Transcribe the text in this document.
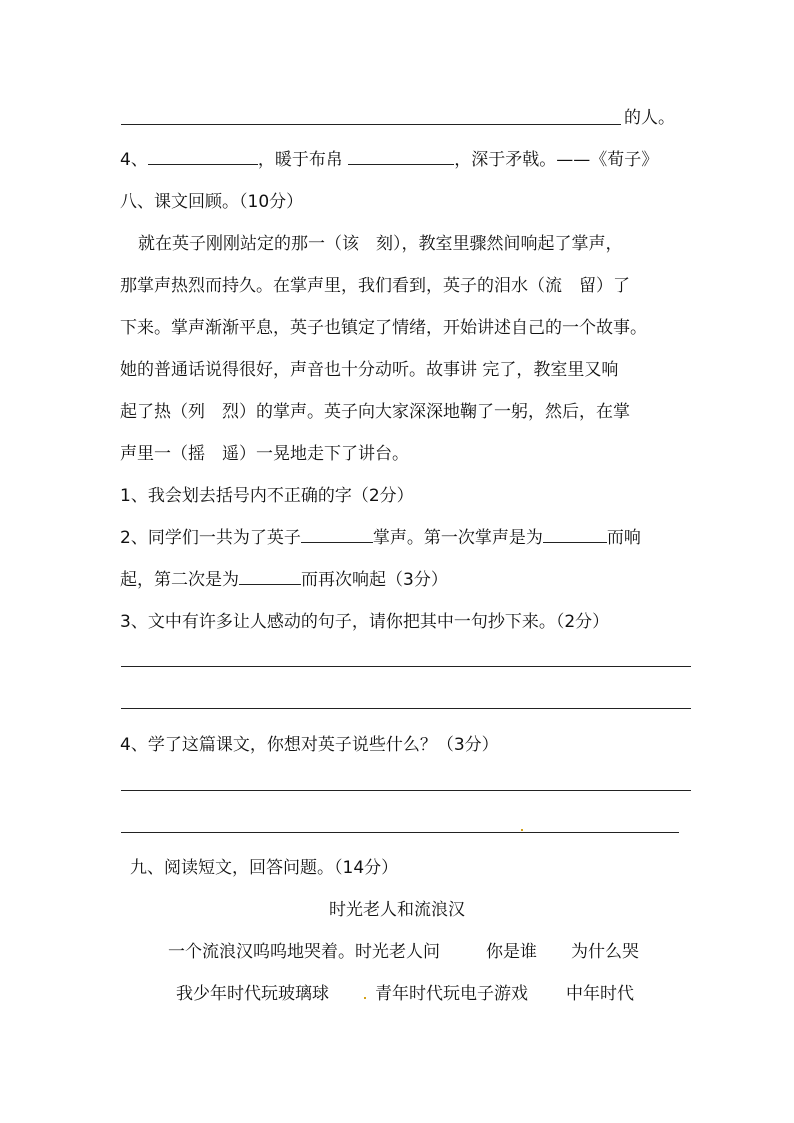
的人。
4、	，暖于布帛	，深于矛戟。——《荀子》
八、课文回顾。（10分）
就在英子刚刚站定的那一（该　刻），教室里骤然间响起了掌声，
那掌声热烈而持久。在掌声里，我们看到，英子的泪水（流　留）了
下来。掌声渐渐平息，英子也镇定了情绪，开始讲述自己的一个故事。
她的普通话说得很好，声音也十分动听。故事讲 完了，教室里又响
起了热（列　烈）的掌声。英子向大家深深地鞠了一躬，然后，在掌
声里一（摇　遥）一晃地走下了讲台。
1、我会划去括号内不正确的字（2分）
2、同学们一共为了英子	掌声。第一次掌声是为	而响
起，第二次是为	而再次响起（3分）
3、文中有许多让人感动的句子，请你把其中一句抄下来。（2分）
4、学了这篇课文，你想对英子说些什么？（3分）
九、阅读短文，回答问题。（14分）
时光老人和流浪汉
一个流浪汉呜呜地哭着。时光老人问	你是谁 为什么哭
我少年时代玩玻璃球	青年时代玩电子游戏 中年时代
